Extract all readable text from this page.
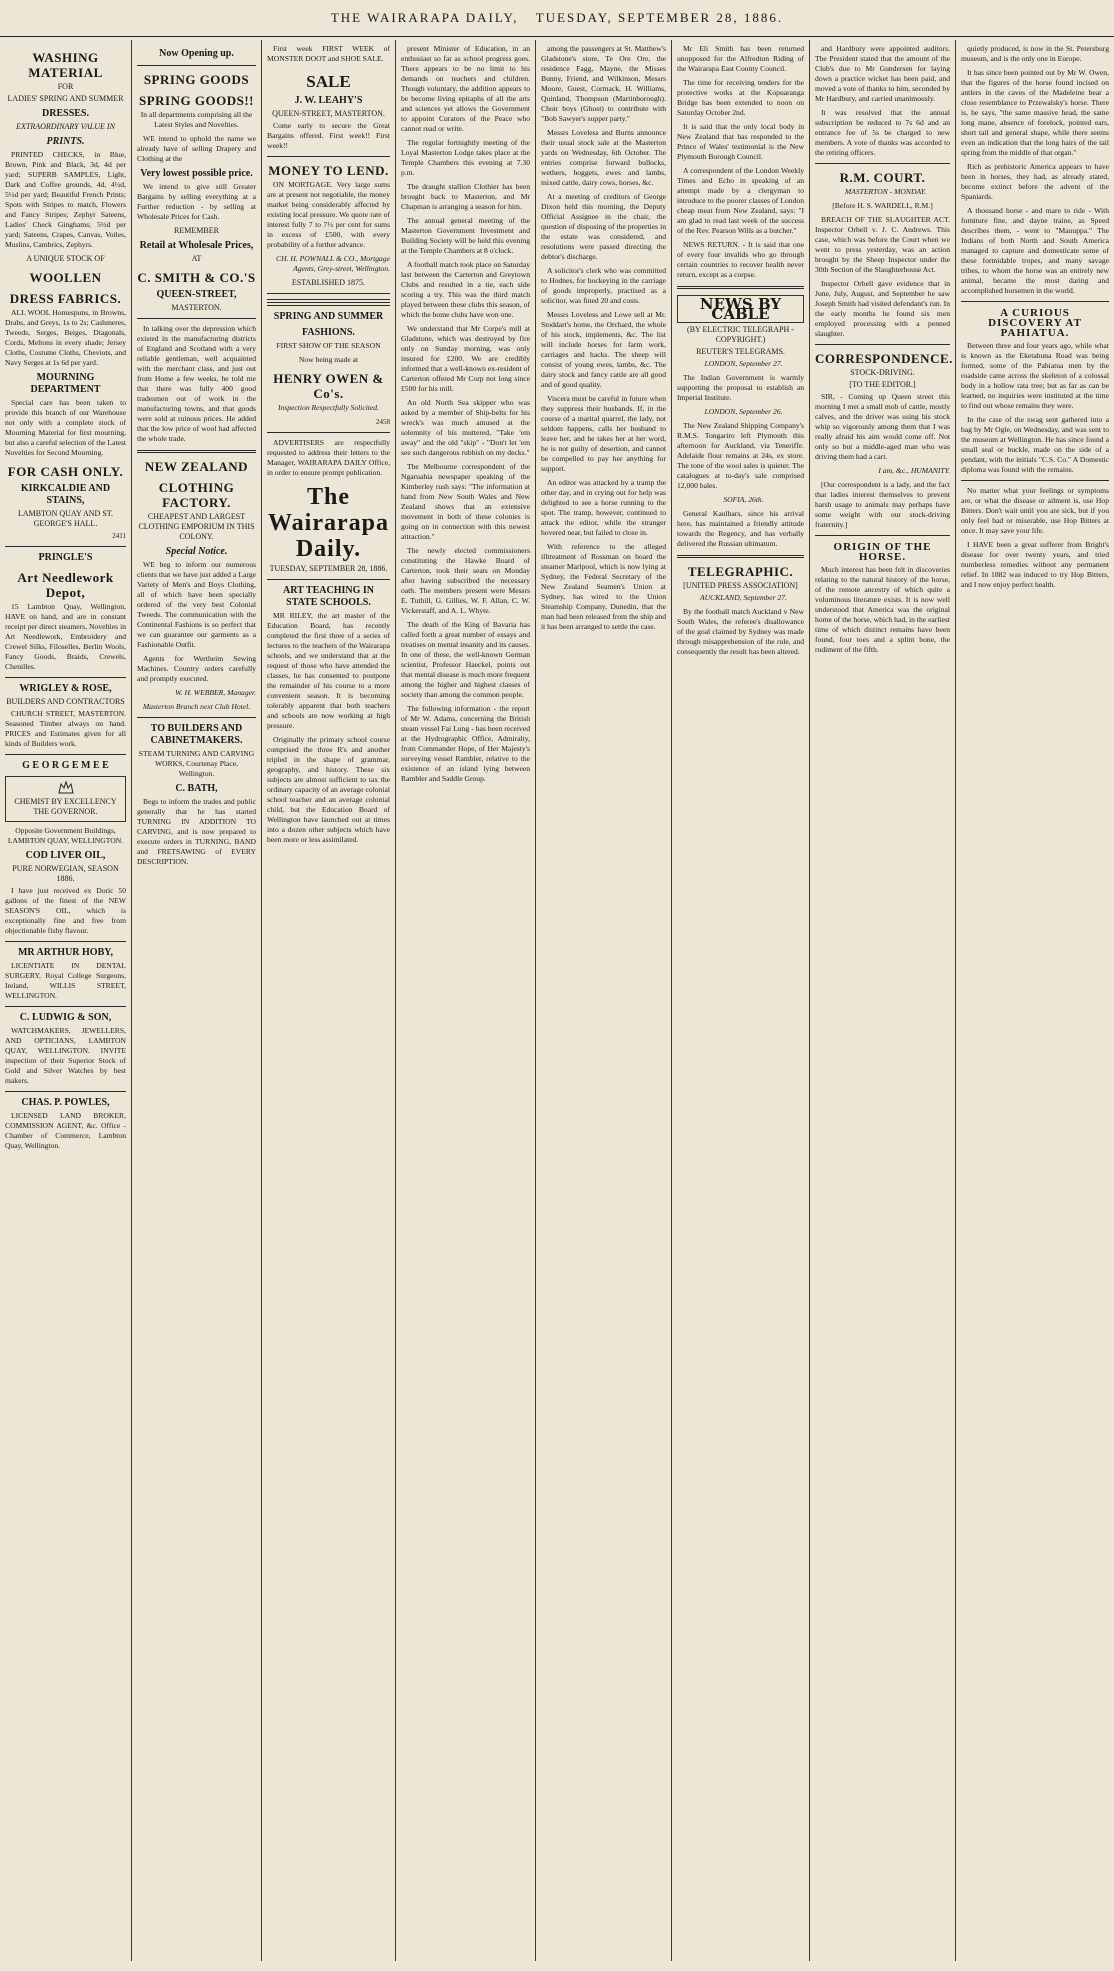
THE WAIRARAPA DAILY, TUESDAY, SEPTEMBER 28, 1886.
WASHING MATERIAL
FOR
LADIES' SPRING AND SUMMER
DRESSES.
EXTRAORDINARY VALUE IN
PRINTS.

PRINTED CHECKS, in Blue, Brown, Pink and Black, 3d, 4d per yard; SUPERB SAMPLES, Light, Dark and Coffee grounds, 4d, 4½d, 5½d per yard; Beautiful French Prints; Spots with Stripes to match, Flowers and Fancy Stripes; Zephyr Sateens, Ladies' Check Ginghams; 5½d per yard; Sateens, Crapes, Canvas, Voiles, Muslins, Cambrics, Zephyrs.

A UNIQUE STOCK OF
WOOLLEN
DRESS FABRICS.

ALL WOOL Homespuns, in Browns, Drabs, and Greys, 1s to 2s; Cashmeres, Tweeds, Serges, Beiges, Diagonals, Cords, Meltons in every shade; Jersey Cloths, Costume Cloths, Cheviots, and Navy Serges at 1s 6d per yard.

MOURNING DEPARTMENT

Special care has been taken to provide this branch of our Warehouse not only with a complete stock of Mourning Material for first mourning, but also a careful selection of the Latest Novelties for Second Mourning.

FOR CASH ONLY.
KIRKCALDIE AND STAINS,
LAMBTON QUAY AND ST. GEORGE'S HALL.
2411
PRINGLE'S
Art Needlework Depot,

15 Lambton Quay, Wellington, HAVE on hand, and are in constant receipt per direct steamers, Novelties in Art Needlework, Embroidery and Crewel Silks, Filoselles, Berlin Wools, Fancy Goods, Braids, Crewels, Chenilles.

WRIGLEY & ROSE,
BUILDERS AND CONTRACTORS

CHURCH STREET, MASTERTON. Seasoned Timber always on hand. PRICES and Estimates given for all kinds of Builders work.

G E O R G E M E E
CHEMIST BY EXCELLENCY THE GOVERNOR.

Opposite Government Buildings, LAMBTON QUAY, WELLINGTON.

COD LIVER OIL,
PURE NORWEGIAN, SEASON 1886.

I have just received ex Doric 50 gallons of the finest of the NEW SEASON'S OIL, which is exceptionally fine and free from objectionable fishy flavour.

MR ARTHUR HOBY,

LICENTIATE IN DENTAL SURGERY, Royal College Surgeons, Ireland, WILLIS STREET, WELLINGTON.

C. LUDWIG & SON,

WATCHMAKERS, JEWELLERS, AND OPTICIANS, LAMBTON QUAY, WELLINGTON. INVITE inspection of their Superior Stock of Gold and Silver Watches by best makers.

CHAS. P. POWLES,

LICENSED LAND BROKER, COMMISSION AGENT, &c. Office - Chamber of Commerce, Lambton Quay, Wellington.

Now Opening up.
SPRING GOODS
SPRING GOODS!!

In all departments comprising all the Latest Styles and Novelties.

WE intend to uphold the name we already have of selling Drapery and Clothing at the

Very lowest possible price.

We intend to give still Greater Bargains by selling everything at a Further reduction - by selling at Wholesale Prices for Cash.

REMEMBER
Retail at Wholesale Prices,
AT
C. SMITH & CO.'S
QUEEN-STREET,
MASTERTON.

In talking over the depression which existed in the manufacturing districts of England and Scotland with a very reliable gentleman, well acquainted with the merchant class, and just out from Home a few weeks, he told me that there was fully 400 good tradesmen out of work in the manufacturing towns, and that goods were sold at ruinous prices. He added that the low price of wool had affected the whole trade.

NEW ZEALAND
CLOTHING FACTORY.
CHEAPEST AND LARGEST CLOTHING EMPORIUM IN THIS COLONY.
Special Notice.

WE beg to inform our numerous clients that we have just added a Large Variety of Men's and Boys Clothing, all of which have been specially ordered of the very best Colonial Tweeds. The communication with the Continental Fashions is so perfect that we can guarantee our garments as a Fashionable Outfit.

Agents for Wertheim Sewing Machines. Country orders carefully and promptly executed.

W. H. WEBBER, Manager.

Masterton Branch next Club Hotel.

TO BUILDERS AND CABINETMAKERS.

STEAM TURNING AND CARVING WORKS, Courtenay Place, Wellington.

C. BATH,

Begs to inform the trades and public generally that he has started TURNING IN ADDITION TO CARVING, and is now prepared to execute orders in TURNING, BAND and FRETSAWING of EVERY DESCRIPTION.

First week FIRST WEEK of MONSTER DOOT and SHOE SALE.

SALE
J. W. LEAHY'S
QUEEN-STREET, MASTERTON.

Come early to secure the Great Bargains offered. First week!! First week!!

MONEY TO LEND.

ON MORTGAGE. Very large sums are at present not negotiable, the money market being considerably affected by existing local pressure. We quote rate of interest fully 7 to 7½ per cent for sums in excess of £500, with every probability of a further advance.

CH. H. POWNALL & CO., Mortgage Agents, Grey-street, Wellington.

ESTABLISHED 1875.
SPRING AND SUMMER
FASHIONS.

FIRST SHOW OF THE SEASON

Now being made at

HENRY OWEN & Co's.

Inspection Respectfully Solicited.

2458

ADVERTISERS are respectfully requested to address their letters to the Manager, WAIRARAPA DAILY Office, in order to ensure prompt publication.

The Wairarapa Daily.
TUESDAY, SEPTEMBER 28, 1886.
ART TEACHING IN STATE SCHOOLS.

MR RILEY, the art master of the Education Board, has recently completed the first three of a series of lectures to the teachers of the Wairarapa schools, and we understand that at the request of those who have attended the classes, he has consented to postpone the remainder of his course to a more convenient season. It is becoming tolerably apparent that both teachers and schools are now working at high pressure.

Originally the primary school course comprised the three R's and another tripled in the shape of grammar, geography, and history. These six subjects are almost sufficient to tax the ordinary capacity of an average colonial school teacher and an average colonial child, but the Education Board of Wellington have launched out at times into a dozen other subjects which have been more or less assimilated.

present Minister of Education, in an enthusiast so far as school progress goes. There appears to be no limit to his demands on teachers and children. Though voluntary, the addition appears to be become living epitaphs of all the arts and sciences yet allows the Government to appoint Curators of the Peace who cannot read or write.

The regular fortnightly meeting of the Loyal Masterton Lodge takes place at the Temple Chambers this evening at 7.30 p.m.

The draught stallion Clothier has been brought back to Masterton, and Mr Chapman is arranging a season for him.

The annual general meeting of the Masterton Government Investment and Building Society will be held this evening at the Temple Chambers at 8 o'clock.

A football match took place on Saturday last between the Carterton and Greytown Clubs and resulted in a tie, each side scoring a try. This was the third match played between these clubs this season, of which the home clubs have won one.

We understand that Mr Corpe's mill at Gladstone, which was destroyed by fire only on Sunday morning, was only insured for £200. We are credibly informed that a well-known ex-resident of Carterton offered Mr Corp not long since £500 for his mill.

An old North Sea skipper who was asked by a member of Ship-belts for his wreck's was much amused at the solemnity of his muttered, "Take 'em away" and the old "skip" - "Don't let 'em see such dangerous rubbish on my decks."

The Melbourne correspondent of the Ngaruahia newspaper speaking of the Kimberley rush says: "The information at hand from New South Wales and New Zealand shows that an extensive movement in both of these colonies is going on in connection with this newest attraction."

The newly elected commissioners constituting the Hawke Board of Carterton, took their seats on Monday after having subscribed the necessary oath. The members present were Messrs E. Tuthill, G. Gillies, W. F. Allan, C. W. Vickerstaff, and A. L. Whyte.

The death of the King of Bavaria has called forth a great number of essays and treatises on mental insanity and its causes. In one of these, the well-known German scientist, Professor Haeckel, points out that mental disease is much more frequent among the higher and highest classes of society than among the common people.

The following information - the report of Mr W. Adams, concerning the British steam vessel Fai Lung - has been received at the Hydrographic Office, Admiralty, from Commander Hope, of Her Majesty's surveying vessel Rambler, relative to the existence of an island lying between Rambler and Saddle Group.

among the passengers at St. Matthew's Gladstone's store, Te Ore Ore, the residence Fagg, Mayne, the Misses Bunny, Friend, and Wilkinson, Messrs Moore, Guest, Cormack, H. Williams, Quinland, Thompson (Martinborough). Choir boys (Ghost) to contribute with "Bob Sawyer's supper party."

Messrs Loveless and Burns announce their usual stock sale at the Masterton yards on Wednesday, 6th October. The entries comprise forward bullocks, wethers, hoggets, ewes and lambs, mixed cattle, dairy cows, horses, &c.

At a meeting of creditors of George Dixon held this morning, the Deputy Official Assignee in the chair, the question of disposing of the properties in the estate was considered, and resolutions were passed directing the debtor's discharge.

A solicitor's clerk who was committed to Hodnes, for hockeying in the carriage of goods improperly, practised as a solicitor, was fined 20 and costs.

Messrs Loveless and Lowe sell at Mr. Stoddart's home, the Orchard, the whole of his stock, implements, &c. The list will include horses for farm work, carriages and hacks. The sheep will consist of young ewes, lambs, &c. The dairy stock and fancy cattle are all good and of good quality.

Viscera must be careful in future when they suppress their husbands. If, in the course of a marital quarrel, the lady, not seldom happens, calls her husband to leave her, and he takes her at her word, he is not guilty of desertion, and cannot be compelled to pay her anything for support.

An editor was attacked by a tramp the other day, and in crying out for help was delighted to see a horse running to the spot. The tramp, however, continued to attack the editor, while the stranger hovered near, but failed to close in.

With reference to the alleged illtreatment of Rossman on board the steamer Marlpool, which is now lying at Sydney, the Federal Secretary of the New Zealand Seamen's Union at Sydney, has wired to the Union Steamship Company, Dunedin, that the man had been released from the ship and it has been arranged to settle the case.

Mr Eli Smith has been returned unopposed for the Alfredton Riding of the Wairarapa East County Council.

The time for receiving tenders for the protective works at the Kopuaranga Bridge has been extended to noon on Saturday October 2nd.

It is said that the only local body in New Zealand that has responded to the Prince of Wales' testimonial is the New Plymouth Borough Council.

A correspondent of the London Weekly Times and Echo in speaking of an attempt made by a clergyman to introduce to the poorer classes of London cheap meat from New Zealand, says: "I am glad to read last week of the success of the Rev. Pearson Wills as a butcher."

NEWS RETURN. - It is said that one of every four invalids who go through certain countries to recover health never return, except as a corpse.

NEWS BY CABLE
(BY ELECTRIC TELEGRAPH - COPYRIGHT.)
REUTER'S TELEGRAMS.

LONDON, September 27.

The Indian Government is warmly supporting the proposal to establish an Imperial Institute.

LONDON, September 26.

The New Zealand Shipping Company's R.M.S. Tongariro left Plymouth this afternoon for Auckland, via Teneriffe. Adelaide flour remains at 24s, ex store. The tone of the wool sales is quieter. The catalogues at to-day's sale comprised 12,000 bales.

SOFIA, 26th.

General Kaulbars, since his arrival here, has maintained a friendly attitude towards the Regency, and has verbally delivered the Russian ultimatum.

TELEGRAPHIC.
[UNITED PRESS ASSOCIATION]

AUCKLAND, September 27.

By the football match Auckland v New South Wales, the referee's disallowance of the goal claimed by Sydney was made through misapprehension of the rule, and consequently the result has been altered.

and Hardbury were appointed auditors. The President stated that the amount of the Club's due to Mr Gundersen for laying down a practice wicket has been paid, and moved a vote of thanks to him, seconded by Mr Hardbury, and carried unanimously.

It was resolved that the annual subscription be reduced to 7s 6d and an entrance fee of 5s be charged to new members. A vote of thanks was accorded to the retiring officers.

R.M. COURT.

MASTERTON - MONDAY.

[Before H. S. WARDELL, R.M.]

BREACH OF THE SLAUGHTER ACT. Inspector Orbell v. J. C. Andrews. This case, which was before the Court when we went to press yesterday, was an action brought by the Sheep Inspector under the 30th Section of the Slaughterhouse Act.

Inspector Orbell gave evidence that in June, July, August, and September he saw Joseph Smith had visited defendant's run. In the early months he found six men employed processing with a penned slaughter.

CORRESPONDENCE.
STOCK-DRIVING.
[TO THE EDITOR.]

SIR, - Coming up Queen street this morning I met a small mob of cattle, mostly calves, and the driver was using his stock whip so vigorously among them that I was really afraid his aim would come off. Not only so but a middle-aged man who was driving them had a cart.

I am, &c., HUMANITY.

[Our correspondent is a lady, and the fact that ladies interest themselves to prevent harsh usage to animals may perhaps have some weight with our stock-driving fraternity.]

ORIGIN OF THE HORSE.

Much interest has been felt in discoveries relating to the natural history of the horse, of the remote ancestry of which quite a voluminous literature exists. It is now well understood that America was the original home of the horse, which had, in the earliest time of which distinct remains have been found, four toes and a splint bone, the rudiment of the fifth.

quietly produced, is now in the St. Petersburg museum, and is the only one in Europe.

It has since been pointed out by Mr W. Owen, that the figures of the horse found incised on antlers in the caves of the Madeleine bear a close resemblance to Przewalsky's horse. There is, he says, "the same massive head, the same long mane, absence of forelock, pointed ears, short tail and general shape, while there seems even an indication that the long hairs of the tail spring from the middle of that organ."

Rich as prehistoric America appears to have been in horses, they had, as already stated, become extinct before the advent of the Spaniards.

A thousand horse - and mare to ride - With furniture fine, and dayne traine, as Speed describes them, - went to "Mauuppa." The Indians of both North and South America managed to capture and domesticate some of these formidable tropes, and many savage tribes, to whom the horse was an entirely new animal, became the most daring and accomplished horsemen in the world.

A CURIOUS DISCOVERY AT PAHIATUA.

Between three and four years ago, while what is known as the Eketahuna Road was being formed, some of the Pahiatua men by the roadside came across the skeleton of a colossal body in a hollow rata tree; but as far as can be learned, no inquiries were instituted at the time to find out whose remains they were.

In the case of the swag sent gathered into a bag by Mr Ogle, on Wednesday, and was sent to the museum at Wellington. He has since found a small seal or buckle, made on the side of a pendant, with the initials "C.S. Co." A Domestic diploma was found with the remains.

No matter what your feelings or symptoms are, or what the disease or ailment is, use Hop Bitters. Don't wait until you are sick, but if you only feel bad or miserable, use Hop Bitters at once. It may save your life.

I HAVE been a great sufferer from Bright's disease for over twenty years, and tried numberless remedies without any permanent relief. In 1882 was induced to try Hop Bitters, and I now enjoy perfect health.
